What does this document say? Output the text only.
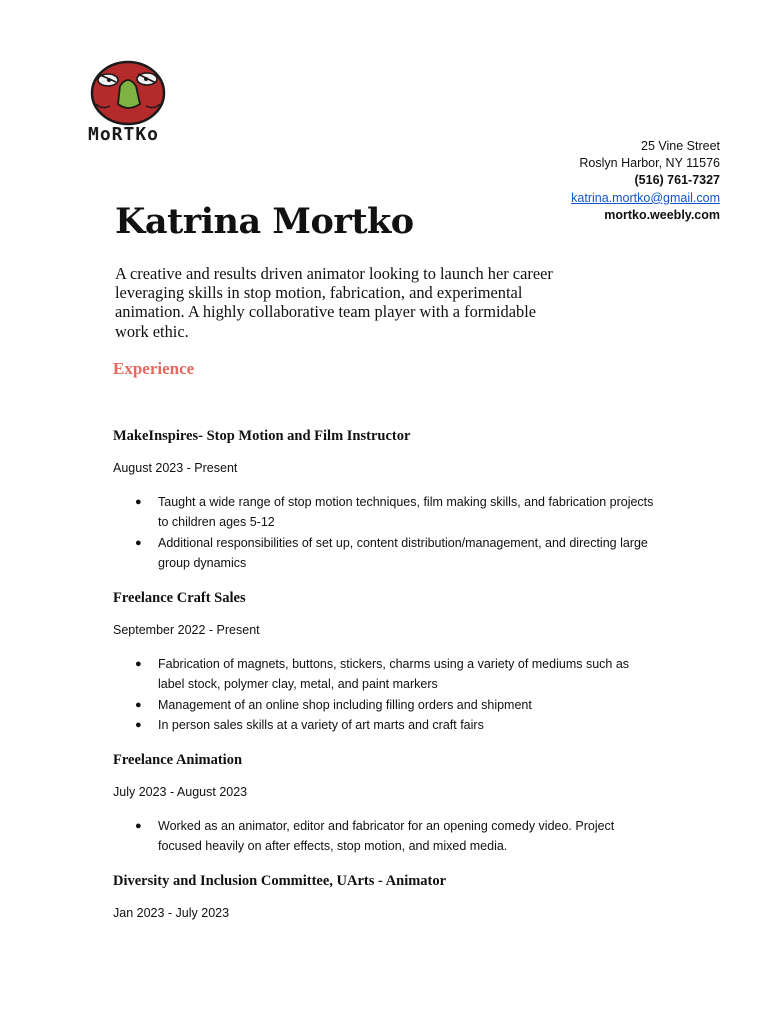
MoRTKo
25 Vine Street
Roslyn Harbor, NY 11576
(516) 761-7327
katrina.mortko@gmail.com
mortko.weebly.com
Katrina Mortko

A creative and results driven animator looking to launch her career leveraging skills in stop motion, fabrication, and experimental animation. A highly collaborative team player with a formidable work ethic.

Experience
MakeInspires- Stop Motion and Film Instructor

August 2023 - Present

● Taught a wide range of stop motion techniques, film making skills, and fabrication projects to children ages 5-12
● Additional responsibilities of set up, content distribution/management, and directing large group dynamics
Freelance Craft Sales

September 2022 - Present

● Fabrication of magnets, buttons, stickers, charms using a variety of mediums such as label stock, polymer clay, metal, and paint markers
● Management of an online shop including filling orders and shipment
● In person sales skills at a variety of art marts and craft fairs
Freelance Animation

July 2023 - August 2023

● Worked as an animator, editor and fabricator for an opening comedy video. Project focused heavily on after effects, stop motion, and mixed media.
Diversity and Inclusion Committee, UArts - Animator

Jan 2023 - July 2023
